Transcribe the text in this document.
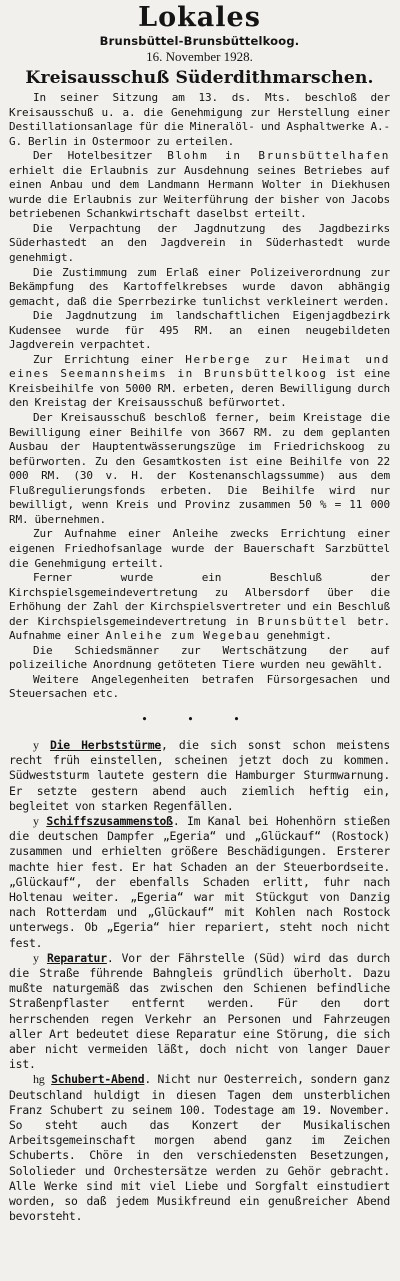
Lokales

Brunsbüttel-Brunsbüttelkoog.

16. November 1928.

Kreisausschuß Süderdithmarschen.

In seiner Sitzung am 13. ds. Mts. beschloß der Kreisausschuß u. a. die Genehmigung zur Herstellung einer Destillationsanlage für die Mineralöl- und Asphaltwerke A.-G. Berlin in Ostermoor zu erteilen.

Der Hotelbesitzer Blohm in Brunsbüttelhafen erhielt die Erlaubnis zur Ausdehnung seines Betriebes auf einen Anbau und dem Landmann Hermann Wolter in Diekhusen wurde die Erlaubnis zur Weiterführung der bisher von Jacobs betriebenen Schankwirtschaft daselbst erteilt.

Die Verpachtung der Jagdnutzung des Jagdbezirks Süderhastedt an den Jagdverein in Süderhastedt wurde genehmigt.

Die Zustimmung zum Erlaß einer Polizeiverordnung zur Bekämpfung des Kartoffelkrebses wurde davon abhängig gemacht, daß die Sperrbezirke tunlichst verkleinert werden.

Die Jagdnutzung im landschaftlichen Eigenjagdbezirk Kudensee wurde für 495 RM. an einen neugebildeten Jagdverein verpachtet.

Zur Errichtung einer Herberge zur Heimat und eines Seemannsheims in Brunsbüttelkoog ist eine Kreisbeihilfe von 5000 RM. erbeten, deren Bewilligung durch den Kreistag der Kreisausschuß befürwortet.

Der Kreisausschuß beschloß ferner, beim Kreistage die Bewilligung einer Beihilfe von 3667 RM. zu dem geplanten Ausbau der Hauptentwässerungszüge im Friedrichskoog zu befürworten. Zu den Gesamtkosten ist eine Beihilfe von 22 000 RM. (30 v. H. der Kostenanschlagssumme) aus dem Flußregulierungsfonds erbeten. Die Beihilfe wird nur bewilligt, wenn Kreis und Provinz zusammen 50 % = 11 000 RM. übernehmen.

Zur Aufnahme einer Anleihe zwecks Errichtung einer eigenen Friedhofsanlage wurde der Bauerschaft Sarzbüttel die Genehmigung erteilt.

Ferner wurde ein Beschluß der Kirchspielsgemeindevertretung zu Albersdorf über die Erhöhung der Zahl der Kirchspielsvertreter und ein Beschluß der Kirchspielsgemeindevertretung in Brunsbüttel betr. Aufnahme einer Anleihe zum Wegebau genehmigt.

Die Schiedsmänner zur Wertschätzung der auf polizeiliche Anordnung getöteten Tiere wurden neu gewählt.

Weitere Angelegenheiten betrafen Fürsorgesachen und Steuersachen etc.

• • •

y Die Herbststürme, die sich sonst schon meistens recht früh einstellen, scheinen jetzt doch zu kommen. Südweststurm lautete gestern die Hamburger Sturmwarnung. Er setzte gestern abend auch ziemlich heftig ein, begleitet von starken Regenfällen.

y Schiffszusammenstoß. Im Kanal bei Hohenhörn stießen die deutschen Dampfer „Egeria“ und „Glückauf“ (Rostock) zusammen und erhielten größere Beschädigungen. Ersterer machte hier fest. Er hat Schaden an der Steuerbordseite. „Glückauf“, der ebenfalls Schaden erlitt, fuhr nach Holtenau weiter. „Egeria“ war mit Stückgut von Danzig nach Rotterdam und „Glückauf“ mit Kohlen nach Rostock unterwegs. Ob „Egeria“ hier repariert, steht noch nicht fest.

y Reparatur. Vor der Fährstelle (Süd) wird das durch die Straße führende Bahngleis gründlich überholt. Dazu mußte naturgemäß das zwischen den Schienen befindliche Straßenpflaster entfernt werden. Für den dort herrschenden regen Verkehr an Personen und Fahrzeugen aller Art bedeutet diese Reparatur eine Störung, die sich aber nicht vermeiden läßt, doch nicht von langer Dauer ist.

hg Schubert-Abend. Nicht nur Oesterreich, sondern ganz Deutschland huldigt in diesen Tagen dem unsterblichen Franz Schubert zu seinem 100. Todestage am 19. November. So steht auch das Konzert der Musikalischen Arbeitsgemeinschaft morgen abend ganz im Zeichen Schuberts. Chöre in den verschiedensten Besetzungen, Sololieder und Orchestersätze werden zu Gehör gebracht. Alle Werke sind mit viel Liebe und Sorgfalt einstudiert worden, so daß jedem Musikfreund ein genußreicher Abend bevorsteht.
